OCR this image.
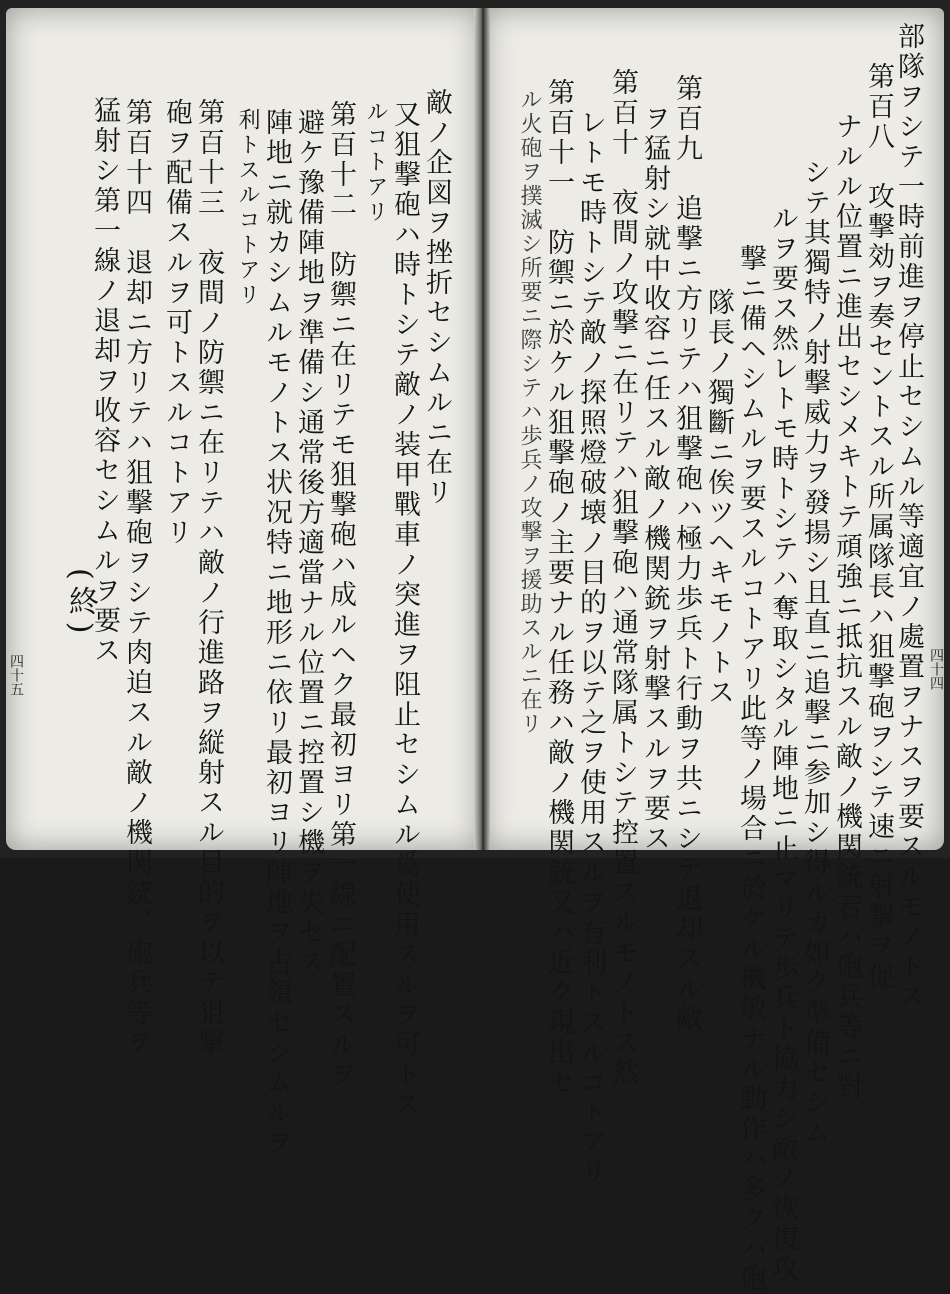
部隊ヲシテ一時前進ヲ停止セシムル等適宜ノ處置ヲナスヲ要スルモノトス
第百八　攻撃効ヲ奏セントスル所属隊長ハ狙撃砲ヲシテ速ニ射撃ヲ促
ナルル位置ニ進出セシメキトテ頑強ニ抵抗スル敵ノ機関銃若ハ砲兵等ニ對
シテ其獨特ノ射撃威力ヲ發揚シ且直ニ追撃ニ参加シ得ルカ如ク準備セシム
ルヲ要ス然レトモ時トシテハ奪取シタル陣地ニ止マリテ歩兵ト協力シ敵ノ恢復攻
撃ニ備ヘシムルヲ要スルコトアリ此等ノ場合ニ於ケル機敏ナル動作ハ多クハ砲
隊長ノ獨斷ニ俟ツヘキモノトス
第百九　追撃ニ方リテハ狙撃砲ハ極力歩兵ト行動ヲ共ニシテ退却スル敵
ヲ猛射シ就中收容ニ任スル敵ノ機関銃ヲ射撃スルヲ要ス
第百十　夜間ノ攻撃ニ在リテハ狙撃砲ハ通常隊属トシテ控置スルモノトス然
レトモ時トシテ敵ノ探照燈破壊ノ目的ヲ以テ之ヲ使用スルヲ有利トスルコトアリ
第百十一　防禦ニ於ケル狙撃砲ノ主要ナル任務ハ敵ノ機関銃又ハ近ク現出セ
ル火砲ヲ撲滅シ所要ニ際シテハ歩兵ノ攻撃ヲ援助スルニ在リ
敵ノ企図ヲ挫折セシムルニ在リ
又狙撃砲ハ時トシテ敵ノ装甲戰車ノ突進ヲ阻止セシムル爲使用スルヲ可トス
ルコトアリ
第百十二　防禦ニ在リテモ狙撃砲ハ成ルヘク最初ヨリ第一線ニ配置スルヲ
避ケ豫備陣地ヲ準備シ通常後方適當ナル位置ニ控置シ機ヲ失セス
陣地ニ就カシムルモノトス状况特ニ地形ニ依リ最初ヨリ陣地ヲ占領セシムルヲ
利トスルコトアリ
第百十三　夜間ノ防禦ニ在リテハ敵ノ行進路ヲ縦射スル目的ヲ以テ狙撃
砲ヲ配備スルヲ可トスルコトアリ
第百十四　退却ニ方リテハ狙撃砲ヲシテ肉迫スル敵ノ機関銃、砲兵等ヲ
猛射シ第一線ノ退却ヲ收容セシムルヲ要ス
(終)
四十五	四十四
